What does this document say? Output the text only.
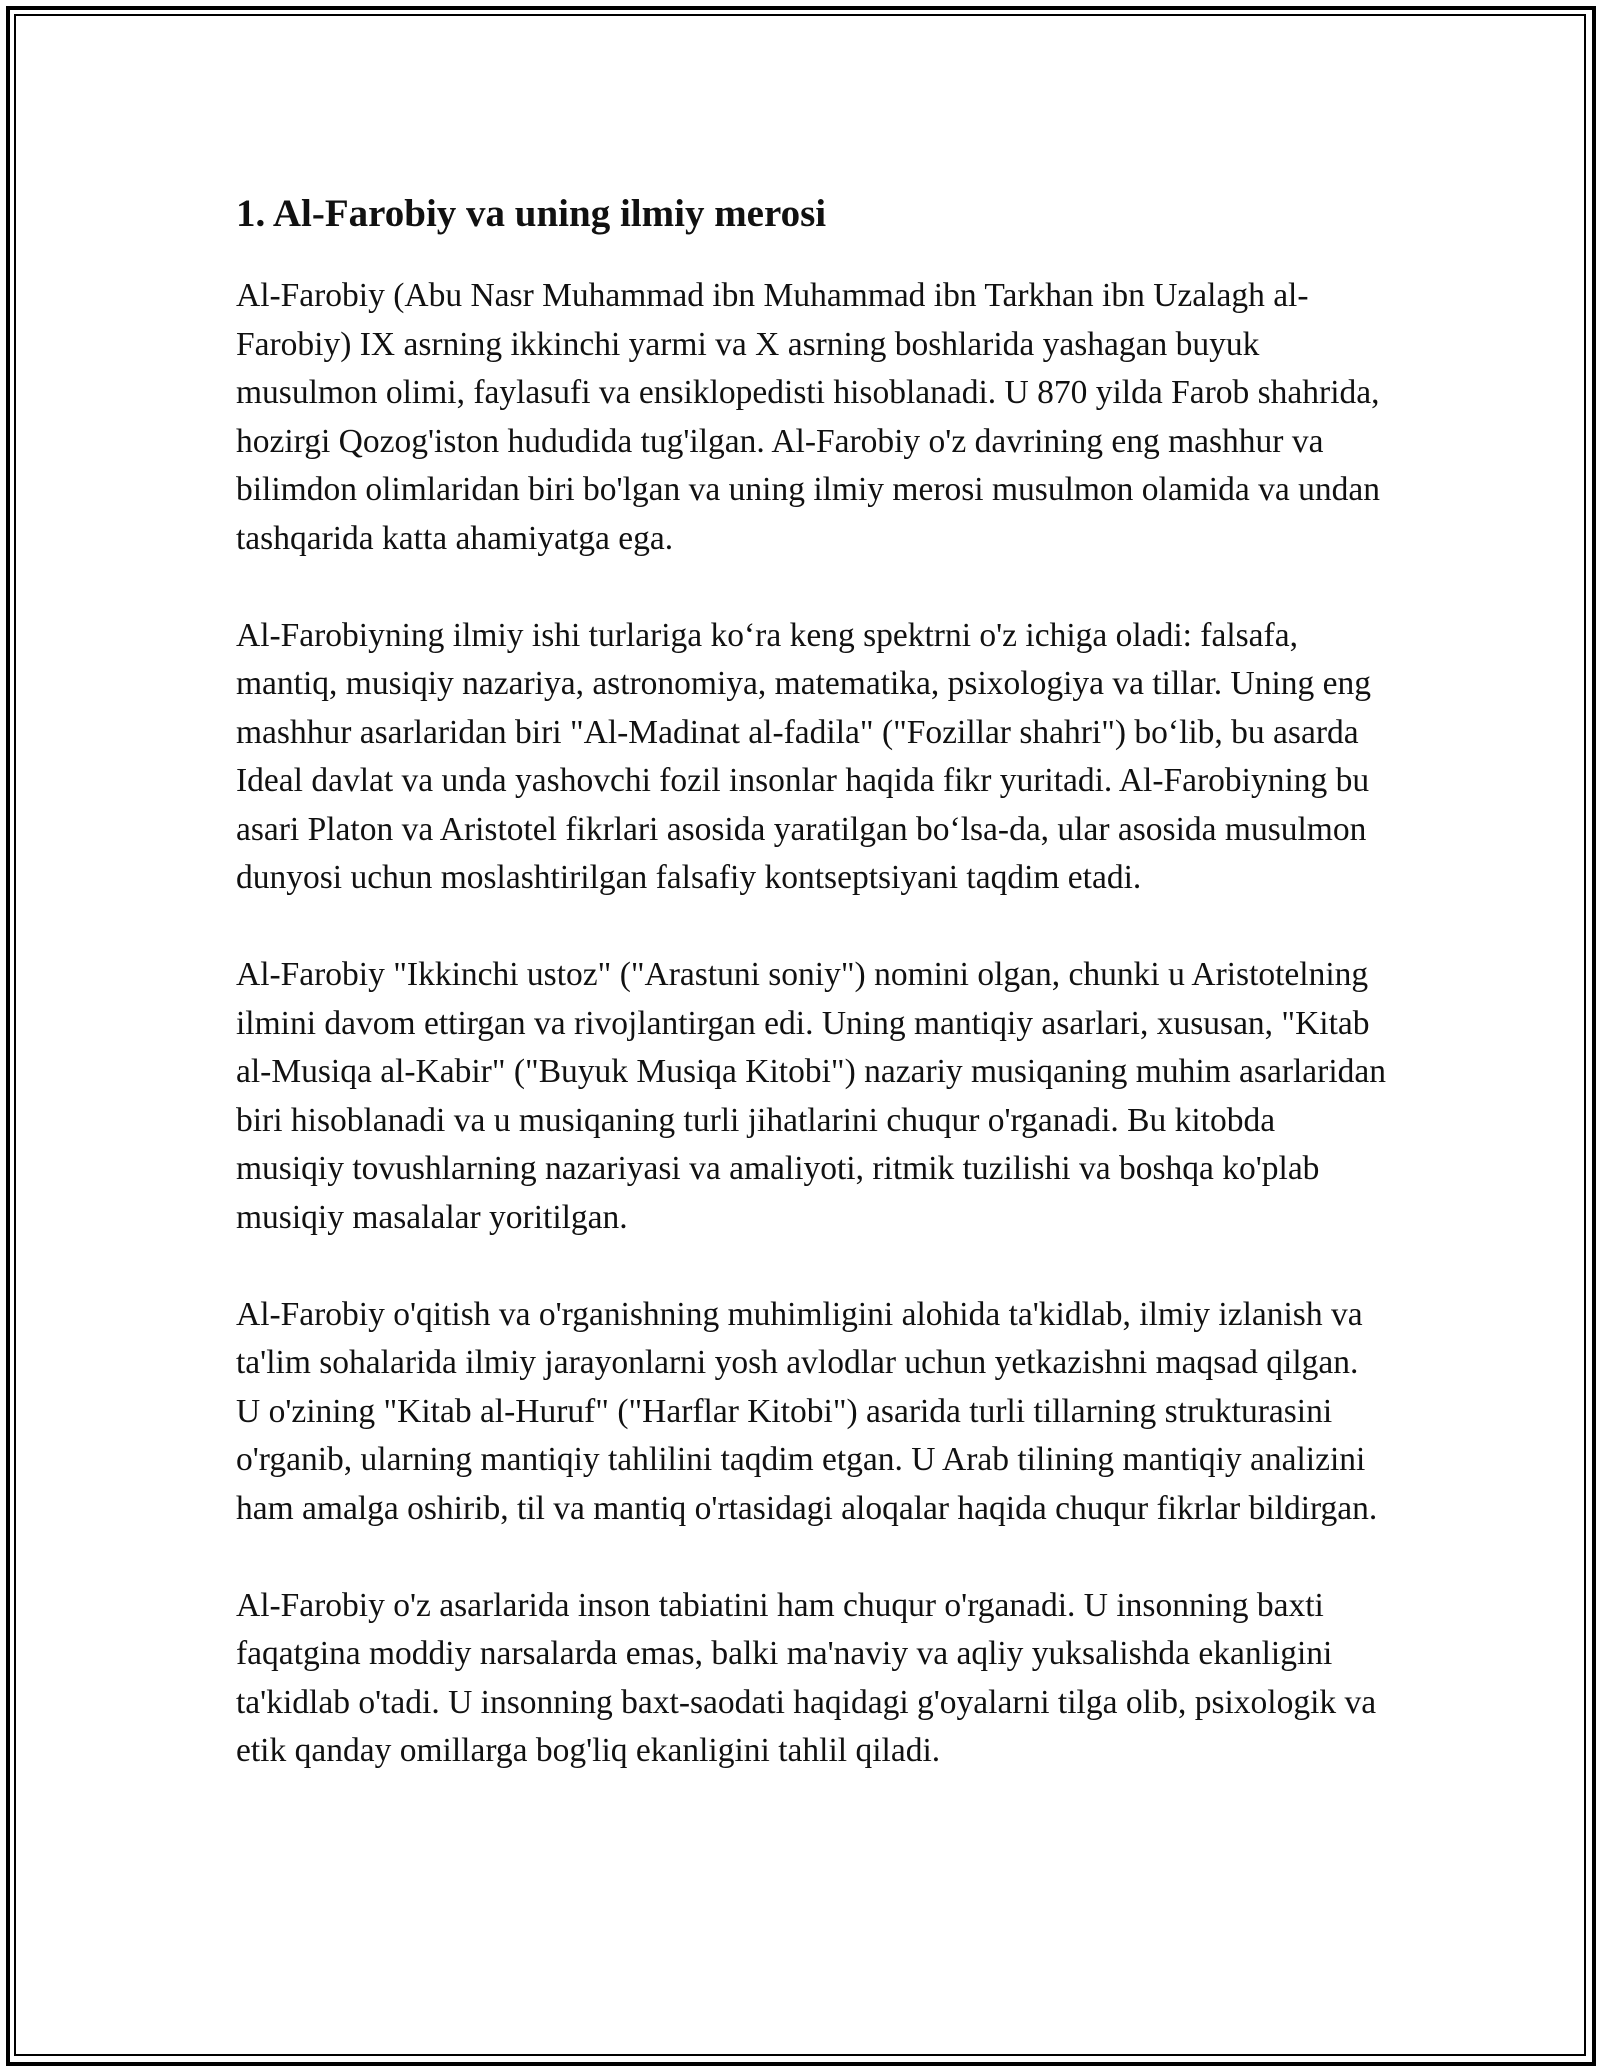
1. Al-Farobiy va uning ilmiy merosi

Al-Farobiy (Abu Nasr Muhammad ibn Muhammad ibn Tarkhan ibn Uzalagh al-Farobiy) IX asrning ikkinchi yarmi va X asrning boshlarida yashagan buyuk musulmon olimi, faylasufi va ensiklopedisti hisoblanadi. U 870 yilda Farob shahrida, hozirgi Qozog'iston hududida tug'ilgan. Al-Farobiy o'z davrining eng mashhur va bilimdon olimlaridan biri bo'lgan va uning ilmiy merosi musulmon olamida va undan tashqarida katta ahamiyatga ega.

Al-Farobiyning ilmiy ishi turlariga ko‘ra keng spektrni o'z ichiga oladi: falsafa, mantiq, musiqiy nazariya, astronomiya, matematika, psixologiya va tillar. Uning eng mashhur asarlaridan biri "Al-Madinat al-fadila" ("Fozillar shahri") bo‘lib, bu asarda Ideal davlat va unda yashovchi fozil insonlar haqida fikr yuritadi. Al-Farobiyning bu asari Platon va Aristotel fikrlari asosida yaratilgan bo‘lsa-da, ular asosida musulmon dunyosi uchun moslashtirilgan falsafiy kontseptsiyani taqdim etadi.

Al-Farobiy "Ikkinchi ustoz" ("Arastuni soniy") nomini olgan, chunki u Aristotelning ilmini davom ettirgan va rivojlantirgan edi. Uning mantiqiy asarlari, xususan, "Kitab al-Musiqa al-Kabir" ("Buyuk Musiqa Kitobi") nazariy musiqaning muhim asarlaridan biri hisoblanadi va u musiqaning turli jihatlarini chuqur o'rganadi. Bu kitobda musiqiy tovushlarning nazariyasi va amaliyoti, ritmik tuzilishi va boshqa ko'plab musiqiy masalalar yoritilgan.

Al-Farobiy o'qitish va o'rganishning muhimligini alohida ta'kidlab, ilmiy izlanish va ta'lim sohalarida ilmiy jarayonlarni yosh avlodlar uchun yetkazishni maqsad qilgan. U o'zining "Kitab al-Huruf" ("Harflar Kitobi") asarida turli tillarning strukturasini o'rganib, ularning mantiqiy tahlilini taqdim etgan. U Arab tilining mantiqiy analizini ham amalga oshirib, til va mantiq o'rtasidagi aloqalar haqida chuqur fikrlar bildirgan.

Al-Farobiy o'z asarlarida inson tabiatini ham chuqur o'rganadi. U insonning baxti faqatgina moddiy narsalarda emas, balki ma'naviy va aqliy yuksalishda ekanligini ta'kidlab o'tadi. U insonning baxt-saodati haqidagi g'oyalarni tilga olib, psixologik va etik qanday omillarga bog'liq ekanligini tahlil qiladi.
